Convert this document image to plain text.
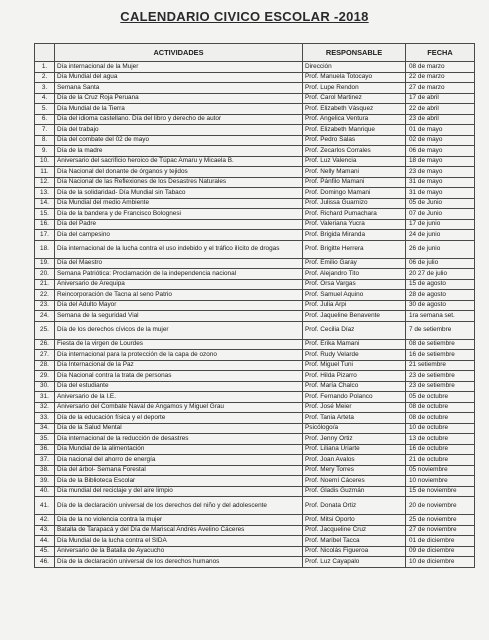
CALENDARIO CIVICO ESCOLAR -2018
	ACTIVIDADES	RESPONSABLE	FECHA
1.	Día internacional de la Mujer	Dirección	08 de marzo
2.	Día Mundial del agua	Prof. Manuela Totocayo	22 de marzo
3.	Semana Santa	Prof. Lupe Rendon	27 de marzo
4.	Día de la Cruz Roja Peruana	Prof. Carol Martinez	17 de abril
5.	Día Mundial de la Tierra	Prof. Elizabeth Vásquez	22 de abril
6.	Día del idioma castellano. Día del libro y derecho de autor	Prof. Angelica Ventura	23 de abril
7.	Día del trabajo	Prof. Elizabeth Manrique	01 de mayo
8.	Día del combate del 02 de mayo	Prof. Pedro Salas	02 de mayo
9.	Día de la madre	Prof. Zecarlos Corrales	06 de mayo
10.	Aniversario del sacrificio heroico de Túpac Amaru y Micaela B.	Prof. Luz Valencia	18 de mayo
11.	Día Nacional del donante de órganos y tejidos	Prof. Nelly Mamani	23 de mayo
12.	Día Nacional de las Reflexiones de los Desastres Naturales	Prof. Pánfilo Mamani	31 de mayo
13.	Día de la solidaridad- Día Mundial sin Tabaco	Prof. Domingo Mamani	31 de mayo
14.	Día Mundial del medio Ambiente	Prof. Julissa Guarnizo	05 de Junio
15.	Día de la bandera y de Francisco Bolognesi	Prof. Richard Pumachara	07 de Junio
16.	Día del Padre	Prof. Valeriana Yucra	17 de junio
17.	Día del campesino	Prof. Brigida Miranda	24 de junio
18.	Día internacional de la lucha contra el uso indebido y el tráfico ilícito de drogas	Prof. Brigitte Herrera	26 de junio
19.	Día del Maestro	Prof. Emilio Garay	06 de julio
20.	Semana Patriótica: Proclamación de la independencia nacional	Prof. Alejandro Tito	20 27 de julio
21.	Aniversario de Arequipa	Prof. Orsa Vargas	15 de agosto
22.	Reincorporación de Tacna al seno Patrio	Prof. Samuel Aquino	28 de agosto
23.	Día del Adulto Mayor	Prof. Julia Arpi	30 de agosto
24.	Semana de la seguridad Vial	Prof. Jaqueline Benavente	1ra semana set.
25.	Día de los derechos cívicos de la mujer	Prof. Cecilia Díaz	7 de setiembre
26.	Fiesta de la virgen de Lourdes	Prof. Erika Mamani	08 de setiembre
27.	Día internacional para la protección de la capa de ozono	Prof. Rudy Velarde	16 de setiembre
28.	Día Internacional de la Paz	Prof. Miguel Tuni	21 setiembre
29.	Día Nacional contra la trata de personas	Prof. Hilda Pizarro	23 de setiembre
30.	Día del estudiante	Prof. María Chalco	23 de setiembre
31.	Aniversario de la I.E.	Prof. Fernando Polanco	05 de octubre
32.	Aniversario del Combate Naval de Angamos y Miguel Grau	Prof. José Meier	08 de octubre
33.	Día de la educación física y el deporte	Prof. Tania Arteta	08 de octubre
34.	Día de la Salud Mental	Psicólogo/a	10 de octubre
35.	Día internacional de la reducción de desastres	Prof. Jenny Ortiz	13 de octubre
36.	Día Mundial de la alimentación	Prof. Liliana Uriarte	16 de octubre
37.	Día nacional del ahorro de energía	Prof. Joan Avalos	21 de octubre
38.	Día del árbol- Semana Forestal	Prof. Mery Torres	05 noviembre
39.	Día de la Biblioteca Escolar	Prof. Noemí Cáceres	10 noviembre
40.	Día mundial del reciclaje y del aire limpio	Prof. Gladis Guzmán	15 de noviembre
41.	Día de la declaración universal de los derechos del niño y del adolescente	Prof. Donata Ortiz	20 de noviembre
42.	Día de la no violencia contra la mujer	Prof. Mitsi Oporto	25 de noviembre
43.	Batalla de Tarapacá y del Día de Mariscal Andrés Avelino Cáceres	Prof. Jacqueline Cruz	27 de noviembre
44.	Día Mundial de la lucha contra el SIDA	Prof. Maribel Tacca	01 de diciembre
45.	Aniversario de la Batalla de Ayacucho	Prof. Nicolás Figueroa	09 de diciembre
46.	Día de la declaración universal de los derechos humanos	Prof. Luz Cayapalo	10 de diciembre
